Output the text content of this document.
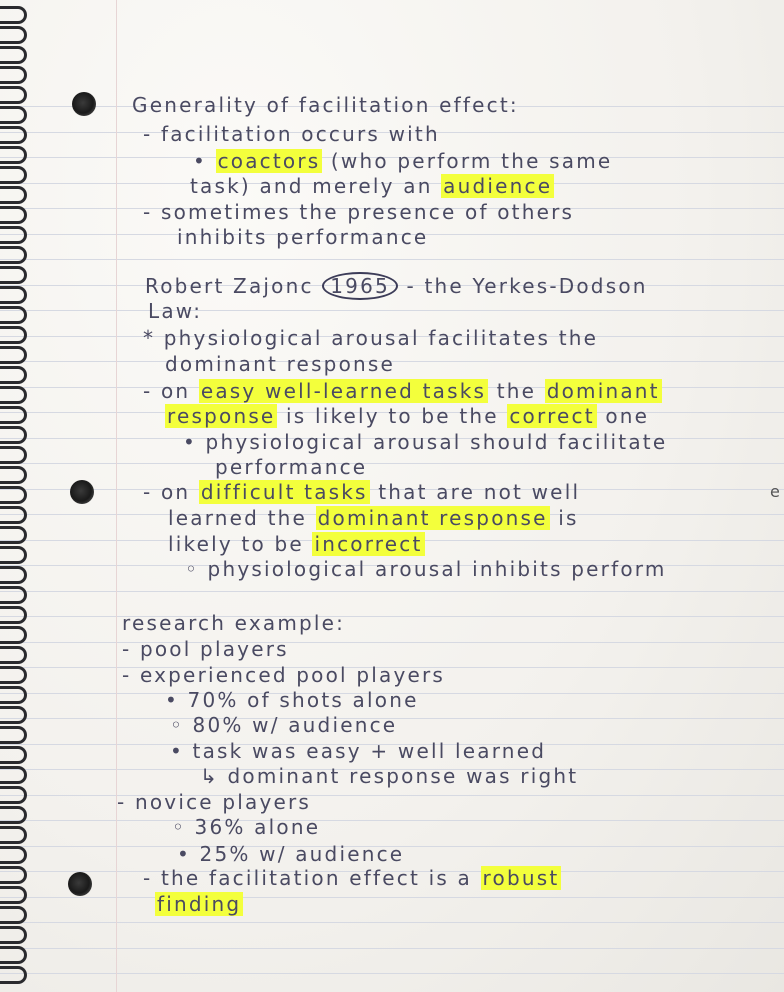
Generality of facilitation effect:
- facilitation occurs with
• coactors (who perform the same
task) and merely an audience
- sometimes the presence of others
inhibits performance
Robert Zajonc 1965 - the Yerkes-Dodson
Law:
* physiological arousal facilitates the
dominant response
- on easy well-learned tasks the dominant
response is likely to be the correct one
• physiological arousal should facilitate
performance
- on difficult tasks that are not well
learned the dominant response is
likely to be incorrect
◦ physiological arousal inhibits perform
research example:
- pool players
- experienced pool players
• 70% of shots alone
◦ 80% w/ audience
• task was easy + well learned
↳ dominant response was right
- novice players
◦ 36% alone
• 25% w/ audience
- the facilitation effect is a robust
finding
e
